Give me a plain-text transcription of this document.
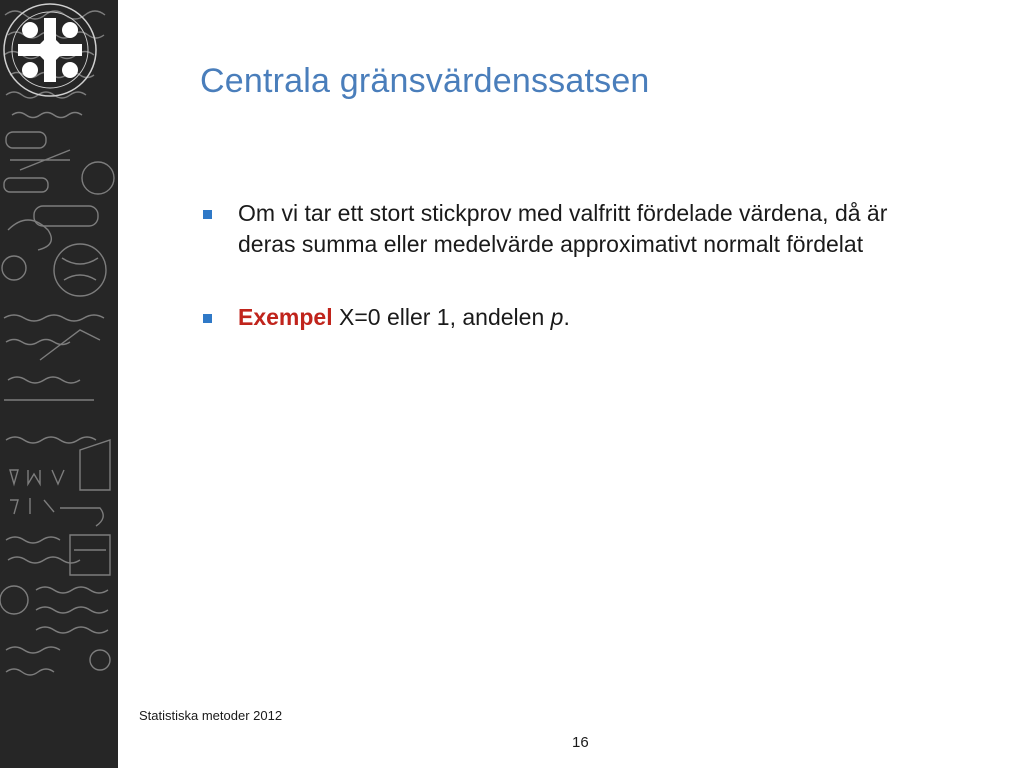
Centrala gränsvärdenssatsen
Om vi tar ett stort stickprov med valfritt fördelade värdena, då är deras summa eller medelvärde approximativt normalt fördelat
Exempel X=0 eller 1, andelen p.
Statistiska metoder 2012
16
